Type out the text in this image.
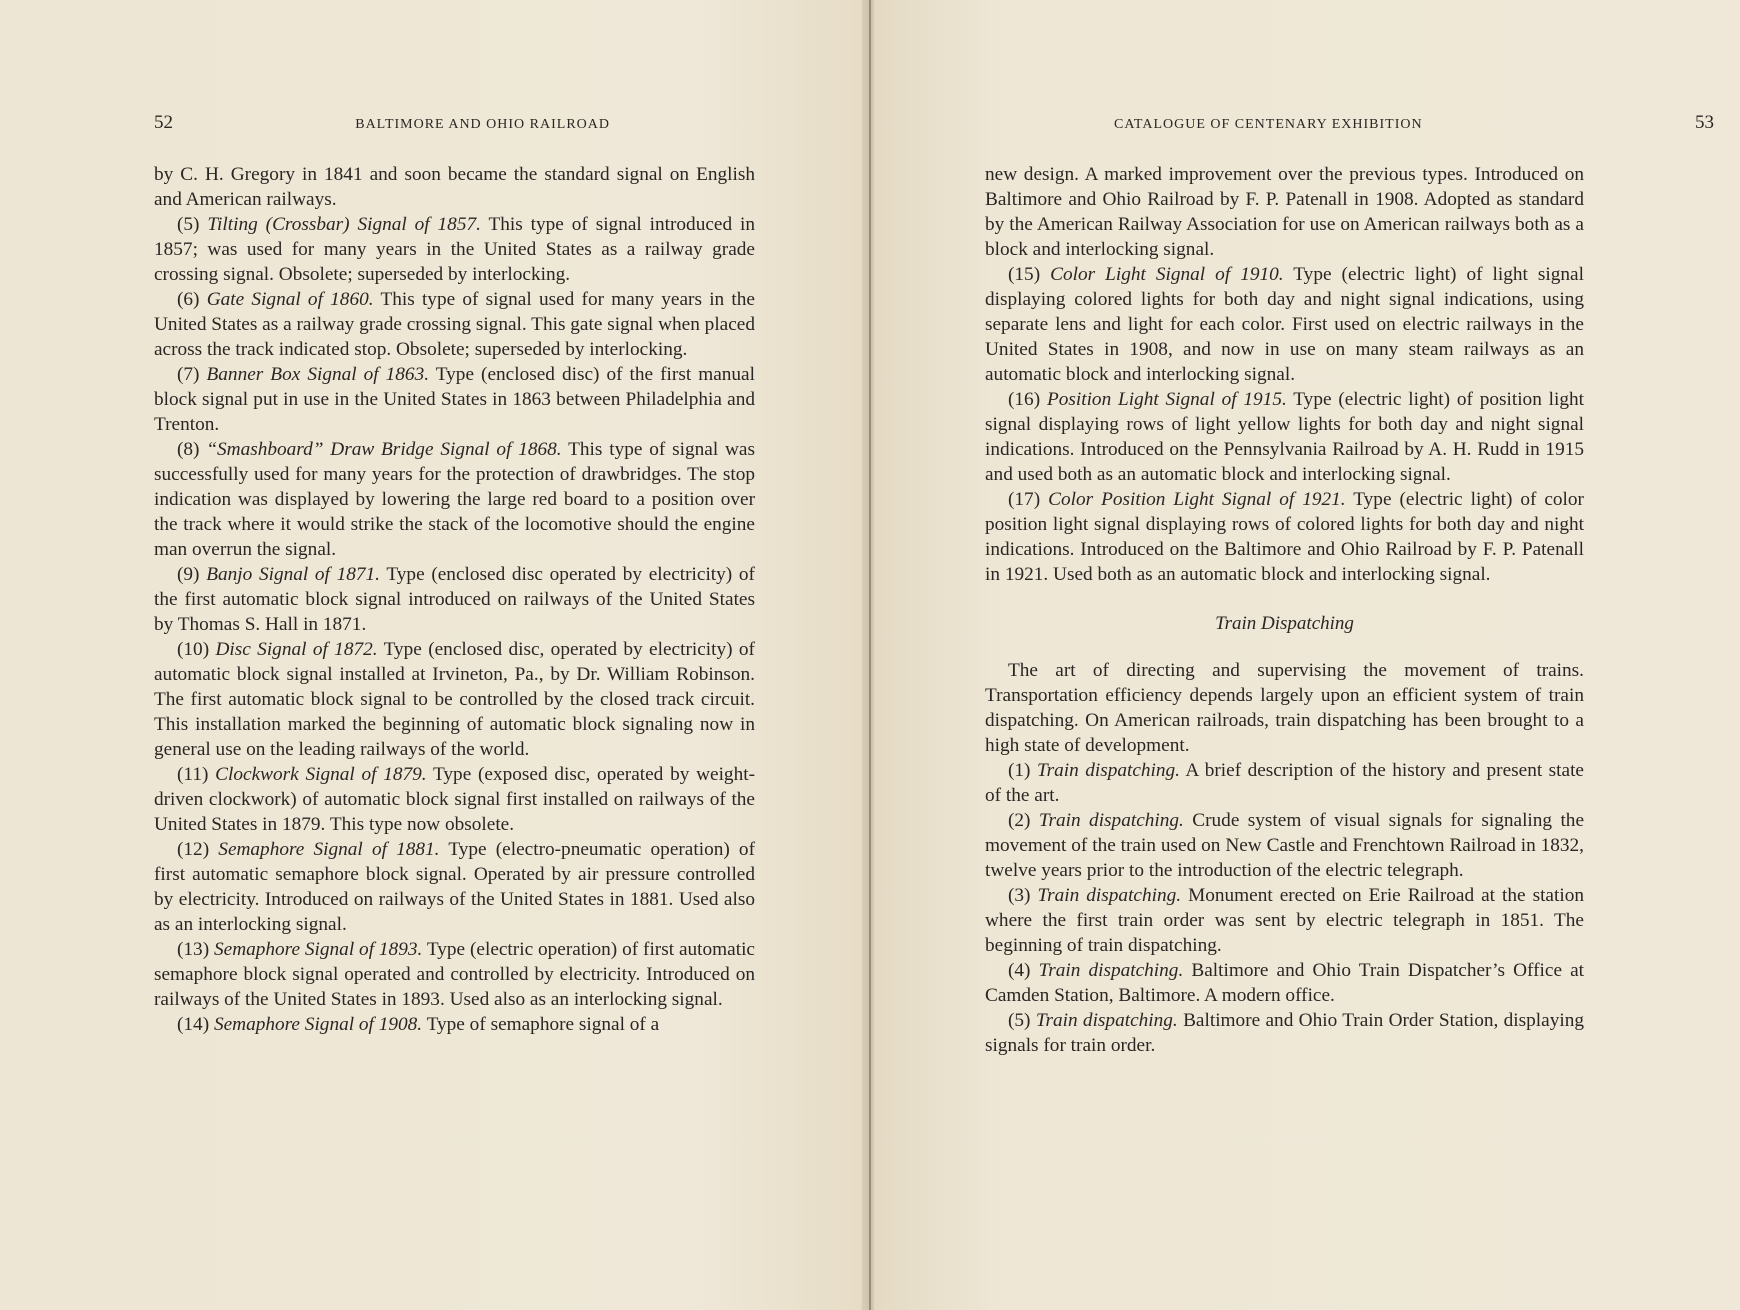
52	BALTIMORE AND OHIO RAILROAD

by C. H. Gregory in 1841 and soon became the standard signal on English and American railways.

(5) Tilting (Crossbar) Signal of 1857. This type of signal introduced in 1857; was used for many years in the United States as a railway grade crossing signal. Obsolete; superseded by interlocking.

(6) Gate Signal of 1860. This type of signal used for many years in the United States as a railway grade crossing signal. This gate signal when placed across the track indicated stop. Obsolete; superseded by interlocking.

(7) Banner Box Signal of 1863. Type (enclosed disc) of the first manual block signal put in use in the United States in 1863 between Philadelphia and Trenton.

(8) “Smashboard” Draw Bridge Signal of 1868. This type of signal was successfully used for many years for the protection of drawbridges. The stop indication was displayed by lowering the large red board to a position over the track where it would strike the stack of the locomotive should the engine man overrun the signal.

(9) Banjo Signal of 1871. Type (enclosed disc operated by electricity) of the first automatic block signal introduced on railways of the United States by Thomas S. Hall in 1871.

(10) Disc Signal of 1872. Type (enclosed disc, operated by electricity) of automatic block signal installed at Irvineton, Pa., by Dr. William Robinson. The first automatic block signal to be controlled by the closed track circuit. This installation marked the beginning of automatic block signaling now in general use on the leading railways of the world.

(11) Clockwork Signal of 1879. Type (exposed disc, operated by weight-driven clockwork) of automatic block signal first installed on railways of the United States in 1879. This type now obsolete.

(12) Semaphore Signal of 1881. Type (electro-pneumatic operation) of first automatic semaphore block signal. Operated by air pressure controlled by electricity. Introduced on railways of the United States in 1881. Used also as an interlocking signal.

(13) Semaphore Signal of 1893. Type (electric operation) of first automatic semaphore block signal operated and controlled by electricity. Introduced on railways of the United States in 1893. Used also as an interlocking signal.

(14) Semaphore Signal of 1908. Type of semaphore signal of a

CATALOGUE OF CENTENARY EXHIBITION	53

new design. A marked improvement over the previous types. Introduced on Baltimore and Ohio Railroad by F. P. Patenall in 1908. Adopted as standard by the American Railway Association for use on American railways both as a block and interlocking signal.

(15) Color Light Signal of 1910. Type (electric light) of light signal displaying colored lights for both day and night signal indications, using separate lens and light for each color. First used on electric railways in the United States in 1908, and now in use on many steam railways as an automatic block and interlocking signal.

(16) Position Light Signal of 1915. Type (electric light) of position light signal displaying rows of light yellow lights for both day and night signal indications. Introduced on the Pennsylvania Railroad by A. H. Rudd in 1915 and used both as an automatic block and interlocking signal.

(17) Color Position Light Signal of 1921. Type (electric light) of color position light signal displaying rows of colored lights for both day and night indications. Introduced on the Baltimore and Ohio Railroad by F. P. Patenall in 1921. Used both as an automatic block and interlocking signal.

Train Dispatching

The art of directing and supervising the movement of trains. Transportation efficiency depends largely upon an efficient system of train dispatching. On American railroads, train dispatching has been brought to a high state of development.

(1) Train dispatching. A brief description of the history and present state of the art.

(2) Train dispatching. Crude system of visual signals for signaling the movement of the train used on New Castle and Frenchtown Railroad in 1832, twelve years prior to the introduction of the electric telegraph.

(3) Train dispatching. Monument erected on Erie Railroad at the station where the first train order was sent by electric telegraph in 1851. The beginning of train dispatching.

(4) Train dispatching. Baltimore and Ohio Train Dispatcher’s Office at Camden Station, Baltimore. A modern office.

(5) Train dispatching. Baltimore and Ohio Train Order Station, displaying signals for train order.
